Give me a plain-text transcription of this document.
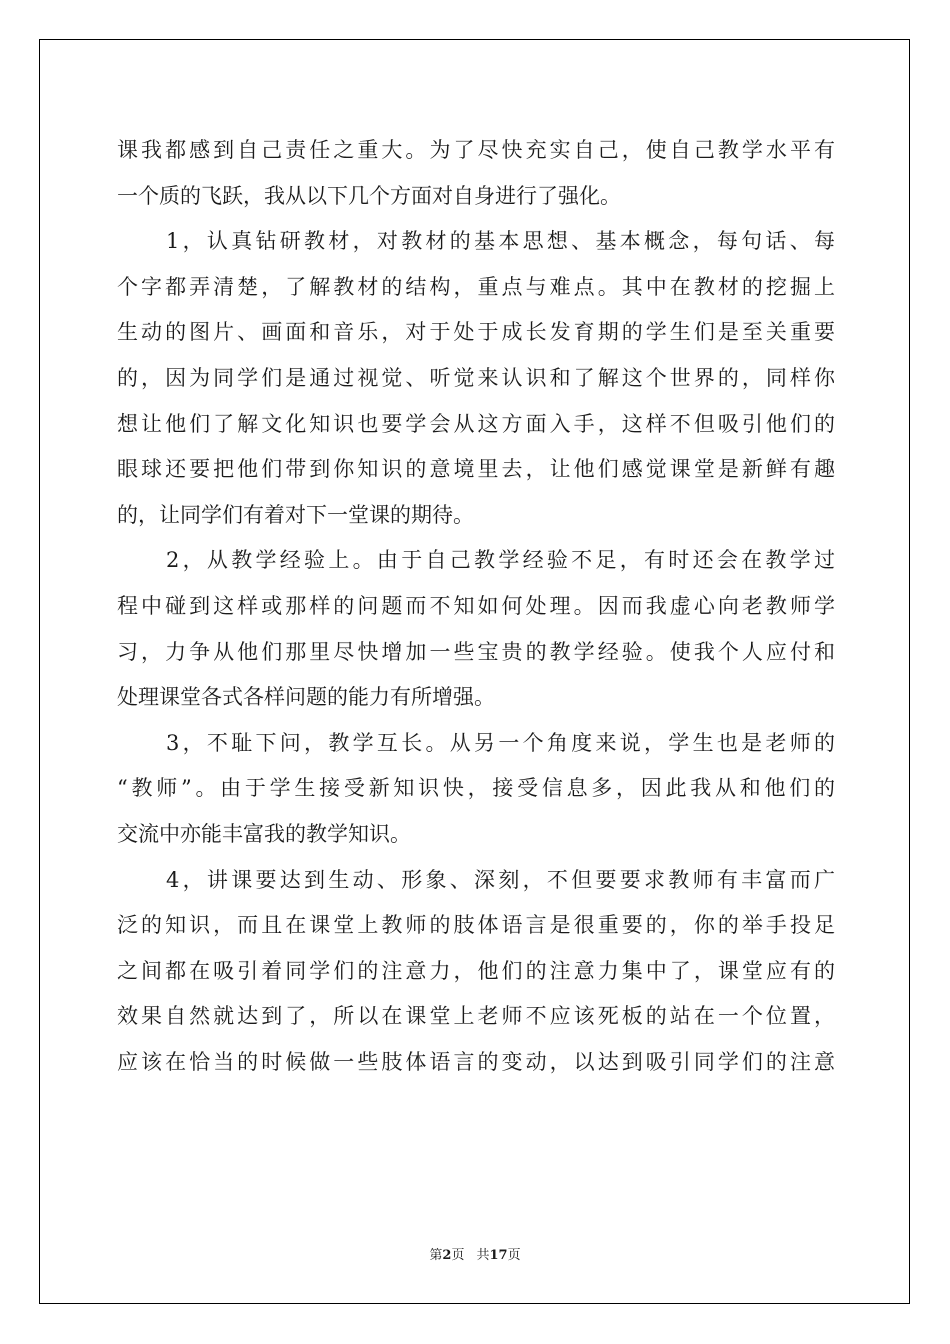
课我都感到自己责任之重大。为了尽快充实自己，使自己教学水平有
一个质的飞跃，我从以下几个方面对自身进行了强化。
1，认真钻研教材，对教材的基本思想、基本概念，每句话、每
个字都弄清楚，了解教材的结构，重点与难点。其中在教材的挖掘上
生动的图片、画面和音乐，对于处于成长发育期的学生们是至关重要
的，因为同学们是通过视觉、听觉来认识和了解这个世界的，同样你
想让他们了解文化知识也要学会从这方面入手，这样不但吸引他们的
眼球还要把他们带到你知识的意境里去，让他们感觉课堂是新鲜有趣
的，让同学们有着对下一堂课的期待。
2，从教学经验上。由于自己教学经验不足，有时还会在教学过
程中碰到这样或那样的问题而不知如何处理。因而我虚心向老教师学
习，力争从他们那里尽快增加一些宝贵的教学经验。使我个人应付和
处理课堂各式各样问题的能力有所增强。
3，不耻下问，教学互长。从另一个角度来说，学生也是老师的
“教师”。由于学生接受新知识快，接受信息多，因此我从和他们的
交流中亦能丰富我的教学知识。
4，讲课要达到生动、形象、深刻，不但要要求教师有丰富而广
泛的知识，而且在课堂上教师的肢体语言是很重要的，你的举手投足
之间都在吸引着同学们的注意力，他们的注意力集中了，课堂应有的
效果自然就达到了，所以在课堂上老师不应该死板的站在一个位置，
应该在恰当的时候做一些肢体语言的变动，以达到吸引同学们的注意
第2页 共17页
